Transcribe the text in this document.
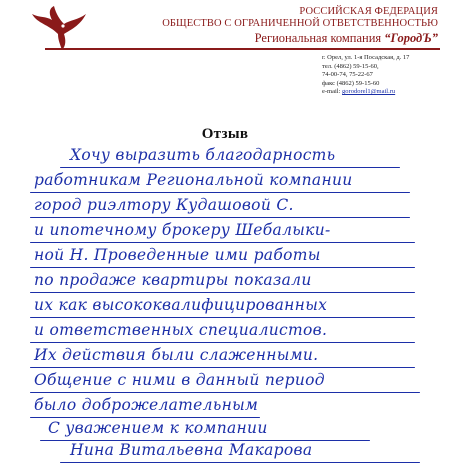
РОССИЙСКАЯ ФЕДЕРАЦИЯ
ОБЩЕСТВО С ОГРАНИЧЕННОЙ ОТВЕТСТВЕННОСТЬЮ
Региональная компания “ГородЪ”
г. Орел, ул. 1-я Посадская, д. 17
тел. (4862) 59-15-60,
74-00-74, 75-22-67
факс (4862) 59-15-60
e-mail: gorodorel1@mail.ru
Отзыв
Хочу выразить благодарность
работникам Региональной компании
город риэлтору Кудашовой С.
и ипотечному брокеру Шебалыки-
ной Н. Проведенные ими работы
по продаже квартиры показали
их как высококвалифицированных
и ответственных специалистов.
Их действия были слаженными.
Общение с ними в данный период
было доброжелательным
С уважением к компании
Нина Витальевна Макарова
